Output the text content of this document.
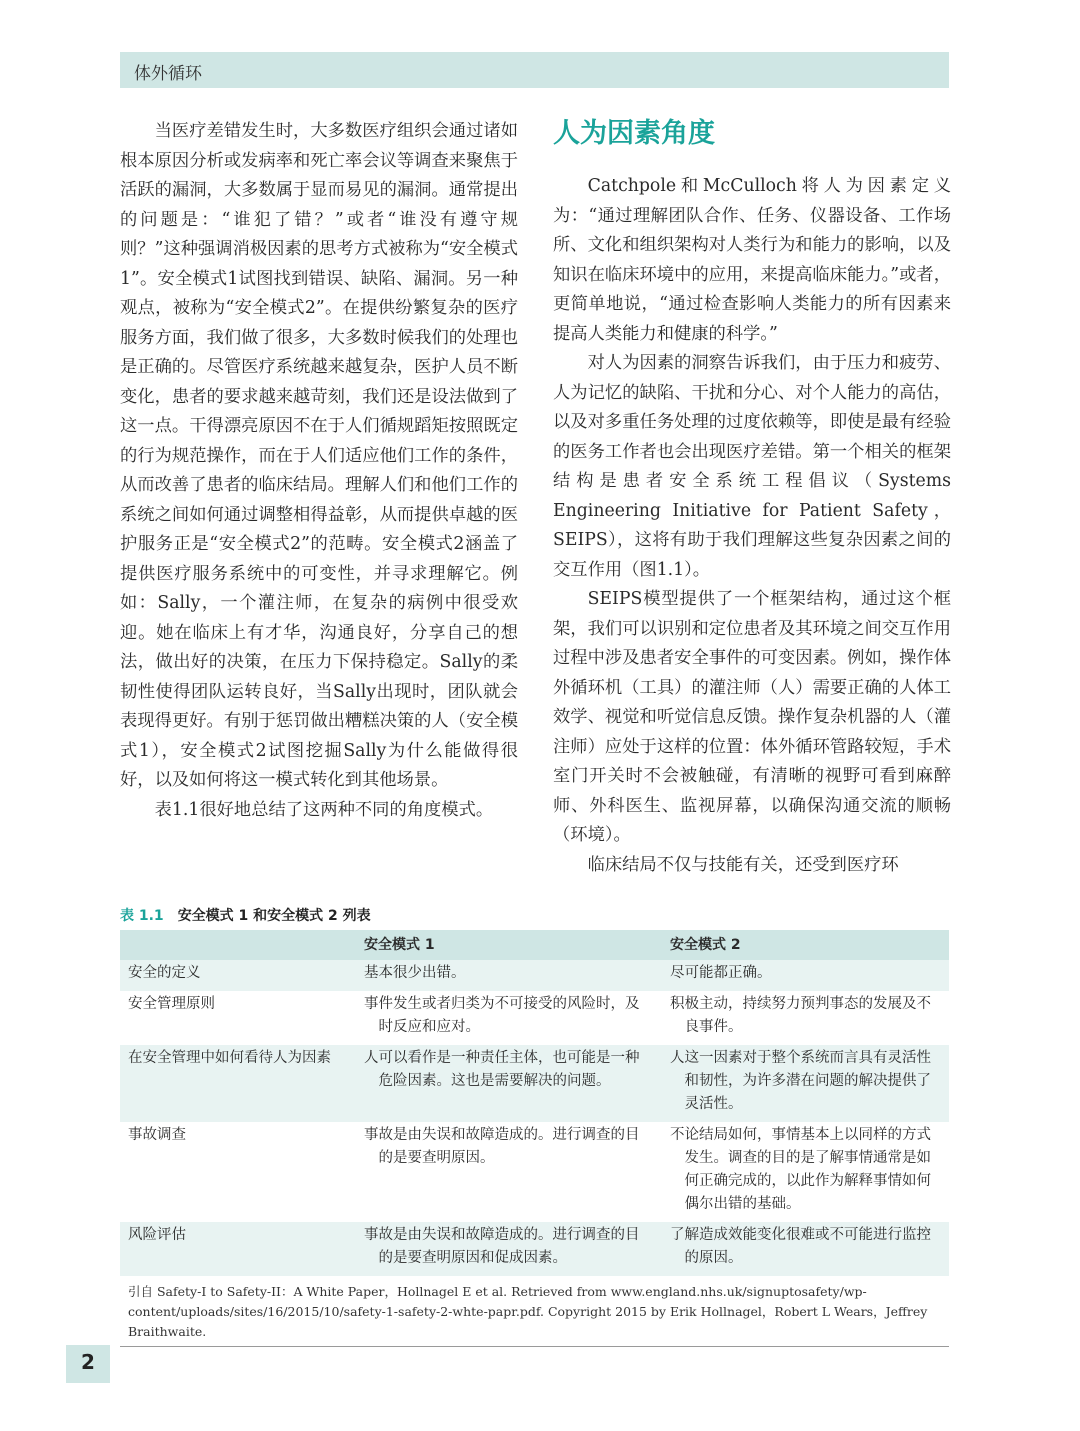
体外循环

当医疗差错发生时，大多数医疗组织会通过诸如根本原因分析或发病率和死亡率会议等调查来聚焦于活跃的漏洞，大多数属于显而易见的漏洞。通常提出的问题是：“谁犯了错？”或者“谁没有遵守规则？”这种强调消极因素的思考方式被称为“安全模式1”。安全模式1试图找到错误、缺陷、漏洞。另一种观点，被称为“安全模式2”。在提供纷繁复杂的医疗服务方面，我们做了很多，大多数时候我们的处理也是正确的。尽管医疗系统越来越复杂，医护人员不断变化，患者的要求越来越苛刻，我们还是设法做到了这一点。干得漂亮原因不在于人们循规蹈矩按照既定的行为规范操作，而在于人们适应他们工作的条件，从而改善了患者的临床结局。理解人们和他们工作的系统之间如何通过调整相得益彰，从而提供卓越的医护服务正是“安全模式2”的范畴。安全模式2涵盖了提供医疗服务系统中的可变性，并寻求理解它。例如：Sally，一个灌注师，在复杂的病例中很受欢迎。她在临床上有才华，沟通良好，分享自己的想法，做出好的决策，在压力下保持稳定。Sally的柔韧性使得团队运转良好，当Sally出现时，团队就会表现得更好。有别于惩罚做出糟糕决策的人（安全模式1），安全模式2试图挖掘Sally为什么能做得很好，以及如何将这一模式转化到其他场景。

表1.1很好地总结了这两种不同的角度模式。

人为因素角度

Catchpole和McCulloch将人为因素定义为：“通过理解团队合作、任务、仪器设备、工作场所、文化和组织架构对人类行为和能力的影响，以及知识在临床环境中的应用，来提高临床能力。”或者，更简单地说，“通过检查影响人类能力的所有因素来提高人类能力和健康的科学。”

对人为因素的洞察告诉我们，由于压力和疲劳、人为记忆的缺陷、干扰和分心、对个人能力的高估，以及对多重任务处理的过度依赖等，即使是最有经验的医务工作者也会出现医疗差错。第一个相关的框架结构是患者安全系统工程倡议（Systems Engineering Initiative for Patient Safety，SEIPS），这将有助于我们理解这些复杂因素之间的交互作用（图1.1）。

SEIPS模型提供了一个框架结构，通过这个框架，我们可以识别和定位患者及其环境之间交互作用过程中涉及患者安全事件的可变因素。例如，操作体外循环机（工具）的灌注师（人）需要正确的人体工效学、视觉和听觉信息反馈。操作复杂机器的人（灌注师）应处于这样的位置：体外循环管路较短，手术室门开关时不会被触碰，有清晰的视野可看到麻醉师、外科医生、监视屏幕，以确保沟通交流的顺畅（环境）。

临床结局不仅与技能有关，还受到医疗环

表 1.1 安全模式 1 和安全模式 2 列表
	安全模式 1	安全模式 2

安全的定义	基本很少出错。	尽可能都正确。

安全管理原则	事件发生或者归类为不可接受的风险时，及时反应和应对。	积极主动，持续努力预判事态的发展及不良事件。

在安全管理中如何看待人为因素	人可以看作是一种责任主体，也可能是一种危险因素。这也是需要解决的问题。	人这一因素对于整个系统而言具有灵活性和韧性，为许多潜在问题的解决提供了灵活性。

事故调查	事故是由失误和故障造成的。进行调查的目的是要查明原因。	不论结局如何，事情基本上以同样的方式发生。调查的目的是了解事情通常是如何正确完成的，以此作为解释事情如何偶尔出错的基础。

风险评估	事故是由失误和故障造成的。进行调查的目的是要查明原因和促成因素。	了解造成效能变化很难或不可能进行监控的原因。
引自 Safety-I to Safety-II：A White Paper，Hollnagel E et al. Retrieved from www.england.nhs.uk/signuptosafety/wp-content/uploads/sites/16/2015/10/safety-1-safety-2-whte-papr.pdf. Copyright 2015 by Erik Hollnagel，Robert L Wears，Jeffrey Braithwaite.
2
